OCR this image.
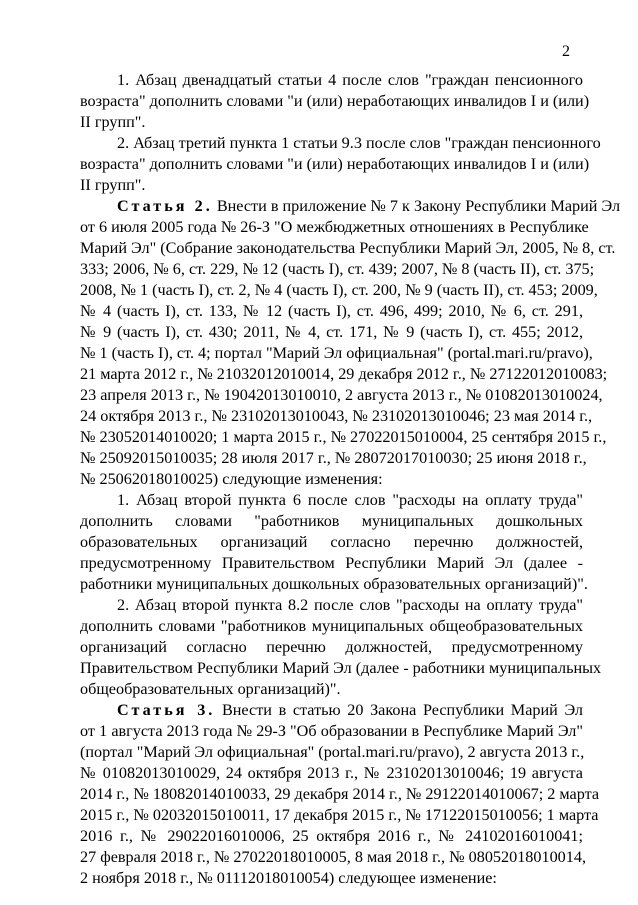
2
1. Абзац двенадцатый статьи 4 после слов "граждан пенсионного
возраста" дополнить словами "и (или) неработающих инвалидов I и (или)
II групп".
2. Абзац третий пункта 1 статьи 9.3 после слов "граждан пенсионного
возраста" дополнить словами "и (или) неработающих инвалидов I и (или)
II групп".
Статья 2. Внести в приложение № 7 к Закону Республики Марий Эл
от 6 июля 2005 года № 26-З "О межбюджетных отношениях в Республике
Марий Эл" (Собрание законодательства Республики Марий Эл, 2005, № 8, ст.
333; 2006, № 6, ст. 229, № 12 (часть I), ст. 439; 2007, № 8 (часть II), ст. 375;
2008, № 1 (часть I), ст. 2, № 4 (часть I), ст. 200, № 9 (часть II), ст. 453; 2009,
№ 4 (часть I), ст. 133, № 12 (часть I), ст. 496, 499; 2010, № 6, ст. 291,
№ 9 (часть I), ст. 430; 2011, № 4, ст. 171, № 9 (часть I), ст. 455; 2012,
№ 1 (часть I), ст. 4; портал "Марий Эл официальная" (portal.mari.ru/pravo),
21 марта 2012 г., № 21032012010014, 29 декабря 2012 г., № 27122012010083;
23 апреля 2013 г., № 19042013010010, 2 августа 2013 г., № 01082013010024,
24 октября 2013 г., № 23102013010043, № 23102013010046; 23 мая 2014 г.,
№ 23052014010020; 1 марта 2015 г., № 27022015010004, 25 сентября 2015 г.,
№ 25092015010035; 28 июля 2017 г., № 28072017010030; 25 июня 2018 г.,
№ 25062018010025) следующие изменения:
1. Абзац второй пункта 6 после слов "расходы на оплату труда"
дополнить словами "работников муниципальных дошкольных
образовательных организаций согласно перечню должностей,
предусмотренному Правительством Республики Марий Эл (далее -
работники муниципальных дошкольных образовательных организаций)".
2. Абзац второй пункта 8.2 после слов "расходы на оплату труда"
дополнить словами "работников муниципальных общеобразовательных
организаций согласно перечню должностей, предусмотренному
Правительством Республики Марий Эл (далее - работники муниципальных
общеобразовательных организаций)".
Статья 3. Внести в статью 20 Закона Республики Марий Эл
от 1 августа 2013 года № 29-З "Об образовании в Республике Марий Эл"
(портал "Марий Эл официальная" (portal.mari.ru/pravo), 2 августа 2013 г.,
№ 01082013010029, 24 октября 2013 г., № 23102013010046; 19 августа
2014 г., № 18082014010033, 29 декабря 2014 г., № 29122014010067; 2 марта
2015 г., № 02032015010011, 17 декабря 2015 г., № 17122015010056; 1 марта
2016 г., № 29022016010006, 25 октября 2016 г., № 24102016010041;
27 февраля 2018 г., № 27022018010005, 8 мая 2018 г., № 08052018010014,
2 ноября 2018 г., № 01112018010054) следующее изменение:
